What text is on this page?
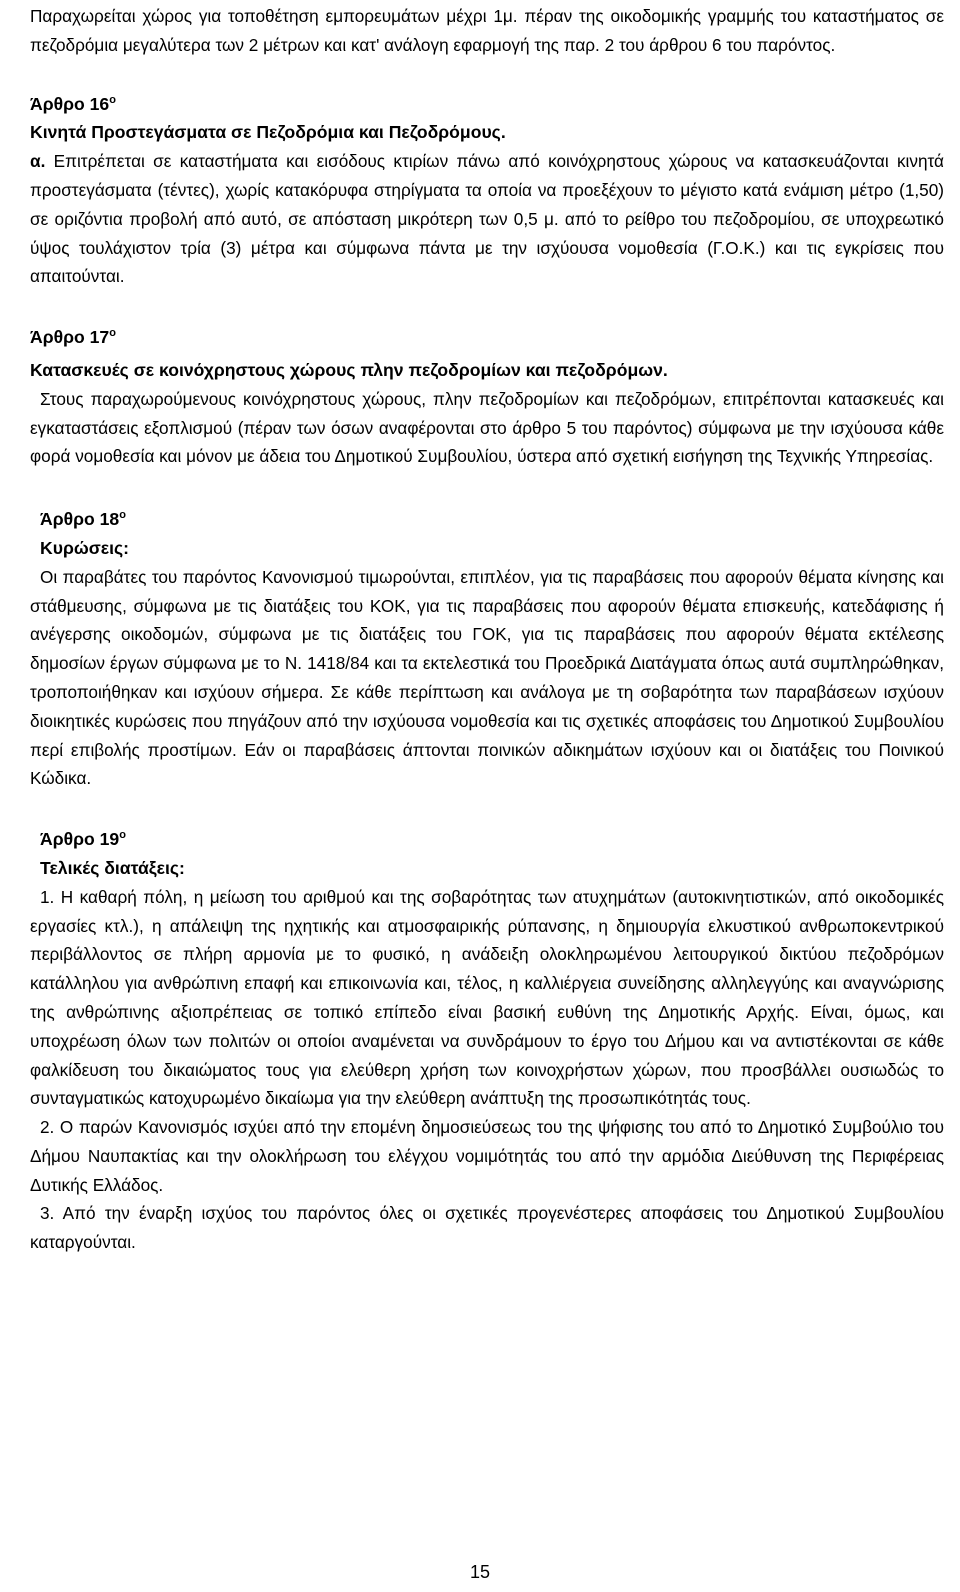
Παραχωρείται χώρος για τοποθέτηση εμπορευμάτων μέχρι 1μ. πέραν της οικοδομικής γραμμής του καταστήματος σε πεζοδρόμια μεγαλύτερα των 2 μέτρων και κατ' ανάλογη εφαρμογή της παρ. 2 του άρθρου 6 του παρόντος.

Άρθρο $16^o$

Κινητά Προστεγάσματα σε Πεζοδρόμια και Πεζοδρόμους.

α. Επιτρέπεται σε καταστήματα και εισόδους κτιρίων πάνω από κοινόχρηστους χώρους να κατασκευάζονται κινητά προστεγάσματα (τέντες), χωρίς κατακόρυφα στηρίγματα τα οποία να προεξέχουν το μέγιστο κατά ενάμιση μέτρο (1,50) σε οριζόντια προβολή από αυτό, σε απόσταση μικρότερη των 0,5 μ. από το ρείθρο του πεζοδρομίου, σε υποχρεωτικό ύψος τουλάχιστον τρία (3) μέτρα και σύμφωνα πάντα με την ισχύουσα νομοθεσία (Γ.Ο.Κ.) και τις εγκρίσεις που απαιτούνται.

Άρθρο $17^o$

Κατασκευές σε κοινόχρηστους χώρους πλην πεζοδρομίων και πεζοδρόμων.

Στους παραχωρούμενους κοινόχρηστους χώρους, πλην πεζοδρομίων και πεζοδρόμων, επιτρέπονται κατασκευές και εγκαταστάσεις εξοπλισμού (πέραν των όσων αναφέρονται στο άρθρο 5 του παρόντος) σύμφωνα με την ισχύουσα κάθε φορά νομοθεσία και μόνον με άδεια του Δημοτικού Συμβουλίου, ύστερα από σχετική εισήγηση της Τεχνικής Υπηρεσίας.

Άρθρο $18^o$

Κυρώσεις:

Οι παραβάτες του παρόντος Κανονισμού τιμωρούνται, επιπλέον, για τις παραβάσεις που αφορούν θέματα κίνησης και στάθμευσης, σύμφωνα με τις διατάξεις του ΚΟΚ, για τις παραβάσεις που αφορούν θέματα επισκευής, κατεδάφισης ή ανέγερσης οικοδομών, σύμφωνα με τις διατάξεις του ΓΟΚ, για τις παραβάσεις που αφορούν θέματα εκτέλεσης δημοσίων έργων σύμφωνα με το Ν. 1418/84 και τα εκτελεστικά του Προεδρικά Διατάγματα όπως αυτά συμπληρώθηκαν, τροποποιήθηκαν και ισχύουν σήμερα. Σε κάθε περίπτωση και ανάλογα με τη σοβαρότητα των παραβάσεων ισχύουν διοικητικές κυρώσεις που πηγάζουν από την ισχύουσα νομοθεσία και τις σχετικές αποφάσεις του Δημοτικού Συμβουλίου περί επιβολής προστίμων. Εάν οι παραβάσεις άπτονται ποινικών αδικημάτων ισχύουν και οι διατάξεις του Ποινικού Κώδικα.

Άρθρο $19^o$

Τελικές διατάξεις:

1. Η καθαρή πόλη, η μείωση του αριθμού και της σοβαρότητας των ατυχημάτων (αυτοκινητιστικών, από οικοδομικές εργασίες κτλ.), η απάλειψη της ηχητικής και ατμοσφαιρικής ρύπανσης, η δημιουργία ελκυστικού ανθρωποκεντρικού περιβάλλοντος σε πλήρη αρμονία με το φυσικό, η ανάδειξη ολοκληρωμένου λειτουργικού δικτύου πεζοδρόμων κατάλληλου για ανθρώπινη επαφή και επικοινωνία και, τέλος, η καλλιέργεια συνείδησης αλληλεγγύης και αναγνώρισης της ανθρώπινης αξιοπρέπειας σε τοπικό επίπεδο είναι βασική ευθύνη της Δημοτικής Αρχής. Είναι, όμως, και υποχρέωση όλων των πολιτών οι οποίοι αναμένεται να συνδράμουν το έργο του Δήμου και να αντιστέκονται σε κάθε φαλκίδευση του δικαιώματος τους για ελεύθερη χρήση των κοινοχρήστων χώρων, που προσβάλλει ουσιωδώς το συνταγματικώς κατοχυρωμένο δικαίωμα για την ελεύθερη ανάπτυξη της προσωπικότητάς τους.

2. Ο παρών Κανονισμός ισχύει από την επομένη δημοσιεύσεως του της ψήφισης του από το Δημοτικό Συμβούλιο του Δήμου Ναυπακτίας και την ολοκλήρωση του ελέγχου νομιμότητάς του από την αρμόδια Διεύθυνση της Περιφέρειας Δυτικής Ελλάδος.

3. Από την έναρξη ισχύος του παρόντος όλες οι σχετικές προγενέστερες αποφάσεις του Δημοτικού Συμβουλίου καταργούνται.

15
